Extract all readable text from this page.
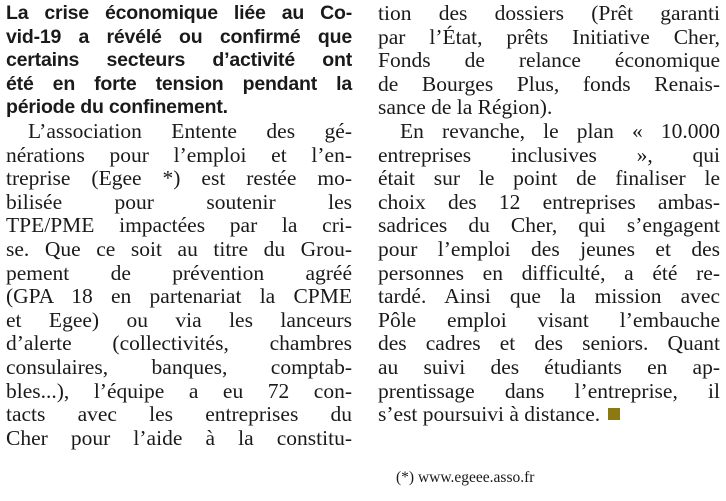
La crise économique liée au Co-
vid-19 a révélé ou confirmé que
certains secteurs d’activité ont
été en forte tension pendant la
période du confinement.
L’association Entente des gé-
nérations pour l’emploi et l’en-
treprise (Egee *) est restée mo-
bilisée pour soutenir les
TPE/PME impactées par la cri-
se. Que ce soit au titre du Grou-
pement de prévention agréé
(GPA 18 en partenariat la CPME
et Egee) ou via les lanceurs
d’alerte (collectivités, chambres
consulaires, banques, comptab-
bles...), l’équipe a eu 72 con-
tacts avec les entreprises du
Cher pour l’aide à la constitu-
tion des dossiers (Prêt garanti
par l’État, prêts Initiative Cher,
Fonds de relance économique
de Bourges Plus, fonds Renais-
sance de la Région).
En revanche, le plan « 10.000
entreprises inclusives », qui
était sur le point de finaliser le
choix des 12 entreprises ambas-
sadrices du Cher, qui s’engagent
pour l’emploi des jeunes et des
personnes en difficulté, a été re-
tardé. Ainsi que la mission avec
Pôle emploi visant l’embauche
des cadres et des seniors. Quant
au suivi des étudiants en ap-
prentissage dans l’entreprise, il
s’est poursuivi à distance.
(*) www.egeee.asso.fr
